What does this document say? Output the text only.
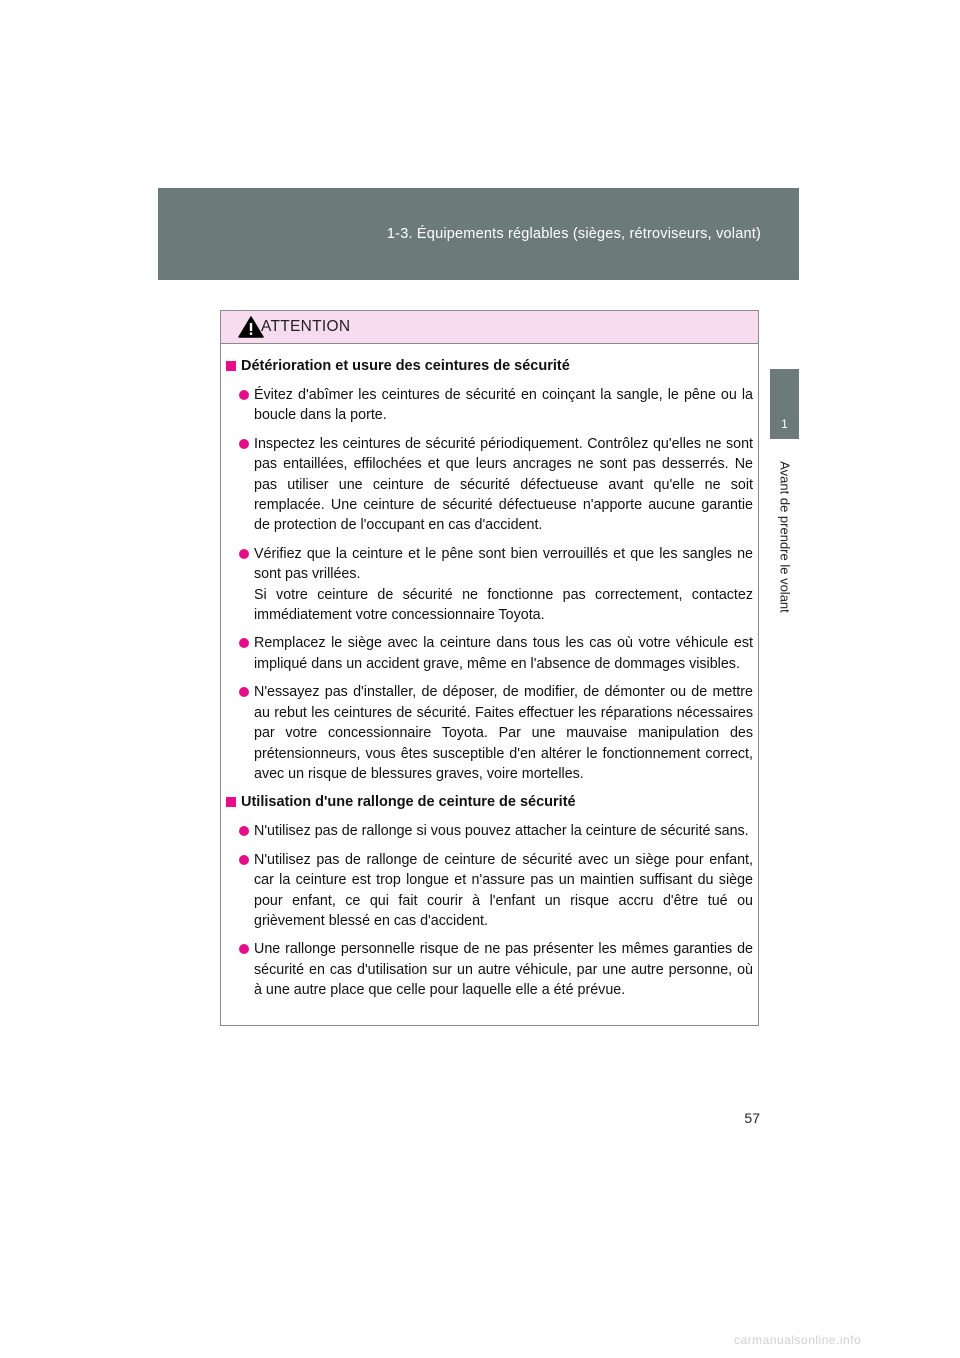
1-3. Équipements réglables (sièges, rétroviseurs, volant)
1
Avant de prendre le volant
ATTENTION
Détérioration et usure des ceintures de sécurité
Évitez d'abîmer les ceintures de sécurité en coinçant la sangle, le pêne ou la boucle dans la porte.
Inspectez les ceintures de sécurité périodiquement. Contrôlez qu'elles ne sont pas entaillées, effilochées et que leurs ancrages ne sont pas desserrés. Ne pas utiliser une ceinture de sécurité défectueuse avant qu'elle ne soit remplacée. Une ceinture de sécurité défectueuse n'apporte aucune garantie de protection de l'occupant en cas d'accident.
Vérifiez que la ceinture et le pêne sont bien verrouillés et que les sangles ne sont pas vrillées.
Si votre ceinture de sécurité ne fonctionne pas correctement, contactez immédiatement votre concessionnaire Toyota.
Remplacez le siège avec la ceinture dans tous les cas où votre véhicule est impliqué dans un accident grave, même en l'absence de dommages visibles.
N'essayez pas d'installer, de déposer, de modifier, de démonter ou de mettre au rebut les ceintures de sécurité. Faites effectuer les réparations nécessaires par votre concessionnaire Toyota. Par une mauvaise manipulation des prétensionneurs, vous êtes susceptible d'en altérer le fonctionnement correct, avec un risque de blessures graves, voire mortelles.
Utilisation d'une rallonge de ceinture de sécurité
N'utilisez pas de rallonge si vous pouvez attacher la ceinture de sécurité sans.
N'utilisez pas de rallonge de ceinture de sécurité avec un siège pour enfant, car la ceinture est trop longue et n'assure pas un maintien suffisant du siège pour enfant, ce qui fait courir à l'enfant un risque accru d'être tué ou grièvement blessé en cas d'accident.
Une rallonge personnelle risque de ne pas présenter les mêmes garanties de sécurité en cas d'utilisation sur un autre véhicule, par une autre personne, où à une autre place que celle pour laquelle elle a été prévue.
57
carmanualsonline.info
